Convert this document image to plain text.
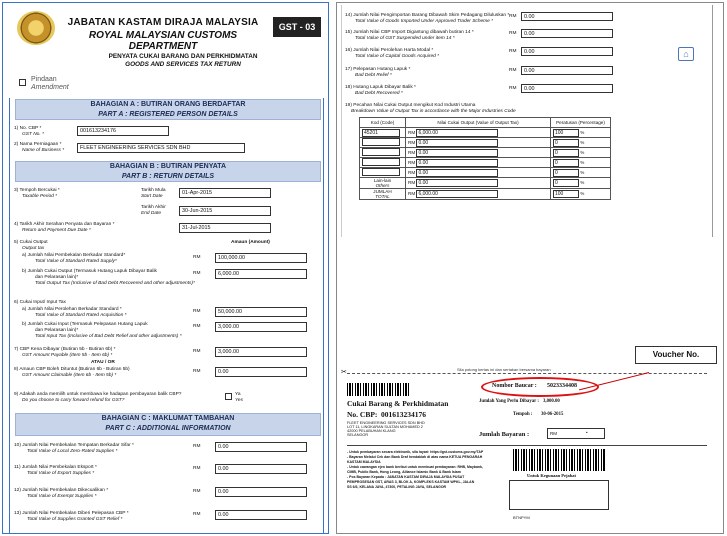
JABATAN KASTAM DIRAJA MALAYSIA
ROYAL MALAYSIAN CUSTOMS DEPARTMENT
GST - 03
PENYATA CUKAI BARANG DAN PERKHIDMATAN
GOODS AND SERVICES TAX RETURN
Pindaan
Amendment
BAHAGIAN A : BUTIRAN ORANG BERDAFTAR
PART A : REGISTERED PERSON DETAILS
1) No. CBP *
GST No. *
001613234176
2) Nama Perniagaan *
Name of Business *	FLEET ENGINEERING SERVICES SDN BHD
BAHAGIAN B : BUTIRAN PENYATA
PART B : RETURN DETAILS
3) Tempoh Bercukai *
Taxable Period *
Tarikh Mula
Start Date
01-Apr-2015
Tarikh Akhir
End Date	30-Jun-2015
4) Tarikh Akhir Serahan Penyata dan Bayaran *
Return and Payment Due Date *	31-Jul-2015
5) Cukai Output	Amaun (Amount)
Output tax
a) Jumlah Nilai Pembekalan Berkadar Standard*
Total Value of Standard Rated Supply*
RM	100,000.00
b) Jumlah Cukai Output (Termasuk Hutang Lapuk Dibayar Balik
dan Pelarasan lain)*
Total Output Tax (Inclusive of Bad Debt Recovered and other adjustments)*
RM	6,000.00
6) Cukai Input/ Input Tax
a) Jumlah Nilai Perolehan Berkadar Standard *
Total Value of Standard Rated Acquisition *
RM	50,000.00
b) Jumlah Cukai Input (Termasuk Pelepasan Hutang Lapuk
dan Pelarasan lain)*
Total Input Tax (Inclusive of Bad Debt Relief and other adjustments) *
RM	3,000.00
7) CBP Kena Dibayar (Butiran 5b - Butiran 6b) *
GST Amount Payable (Item 5b - Item 6b) *
RM	3,000.00
ATAU / OR
8) Amaun CBP Boleh Dituntut (Butiran 6b - Butiran 5b)
GST Amount Claimable (Item 6b - Item 5b) *
RM	0.00
9) Adakah anda memilih untuk membawa ke hadapan pembayaran balik CBP?
Do you choose to carry forward refund for GST?
Ya
Yes
BAHAGIAN C : MAKLUMAT TAMBAHAN
PART C : ADDITIONAL INFORMATION
10) Jumlah Nilai Pembekalan Tempatan Berkadar Sifar *
Total Value of Local Zero-Rated Supplies *
RM	0.00
11) Jumlah Nilai Pembekalan Eksport *
Total Value of Export Supplies *
RM	0.00
12) Jumlah Nilai Pembekalan Dikecualikan *
Total Value of Exempt Supplies *
RM	0.00
13) Jumlah Nilai Pembekalan Diberi Pelepasan CBP *
Total Value of Supplies Granted GST Relief *
RM	0.00
14) Jumlah Nilai Pengimportan Barang Dibawah Skim Pedagang Diluluskan *
Total Value of Goods Imported Under Approved Trader Scheme *
RM	0.00
15) Jumlah Nilai CBP Import Digantung dibawah butiran 14 *
Total Value of GST Suspended under item 14 *
RM	0.00
16) Jumlah Nilai Perolehan Harta Modal *
Total Value of Capital Goods Acquired *
RM	0.00
17) Pelepasan Hutang Lapuk *
Bad Debt Relief *
RM	0.00
18) Hutang Lapuk Dibayar Balik *
Bad Debt Recovered *
RM	0.00
⌂
19) Pecahan Nilai Cukai Output mengikut Kod Industri Utama
Breakdown Value of Output Tax in accordance with the Major Industries Code
Kod (Code)	Nilai Cukai Output (Value of Output Tax)	Peratusan (Percentage)
45201	RM 6,000.00	100 %
	RM 0.00	0 %
	RM 0.00	0 %
	RM 0.00	0 %
	RM 0.00	0 %
Lain-lain
Others	RM 0.00	0 %
JUMLAH
TOTAL	RM 6,000.00	100 %
Sila potong kertas ini dan sertakan bersama bayaran
✂
Voucher No.
Cukai Barang & Perkhidmatan
Nombor Baucar : 5023334408
Jumlah Yang Perlu Dibayar : 3,000.00
No. CBP: 001613234176	Tempoh : 30-06-2015
FLEET ENGINEERING SERVICES SDN BHD
LOT 11, LINGKARAN SULTAN MOHAMED 2
42000 PELABUHAN KLANG
SELANGOR	Jumlah Bayaran :	RM	•
- Untuk pembayaran secara elektronik, sila layari: https://gst.customs.gov.my/TAP
- Bayaran Melalui Cek dan Bank Draf hendaklah di atas nama KETUA PENGARAH
KASTAM MALAYSIA
- Untuk cawangan ejen bank berikut untuk membuat pembayaran: RHB, Maybank,
CIMB, Public Bank, Hong Leong, Alliance Islamic Bank & Bank Islam
- Pos Bayaran Kepada : JABATAN KASTAM DIRAJA MALAYSIA PUSAT
PEMPROSESAN GST, ARAS 3, BLOK A, KOMPLEKS KASTAM WPKL, JALAN
SS 6/3, KELANA JAYA, 47300, PETALING JAYA, SELANGOR
Untuk Kegunaan Pejabat
BTNPYM
